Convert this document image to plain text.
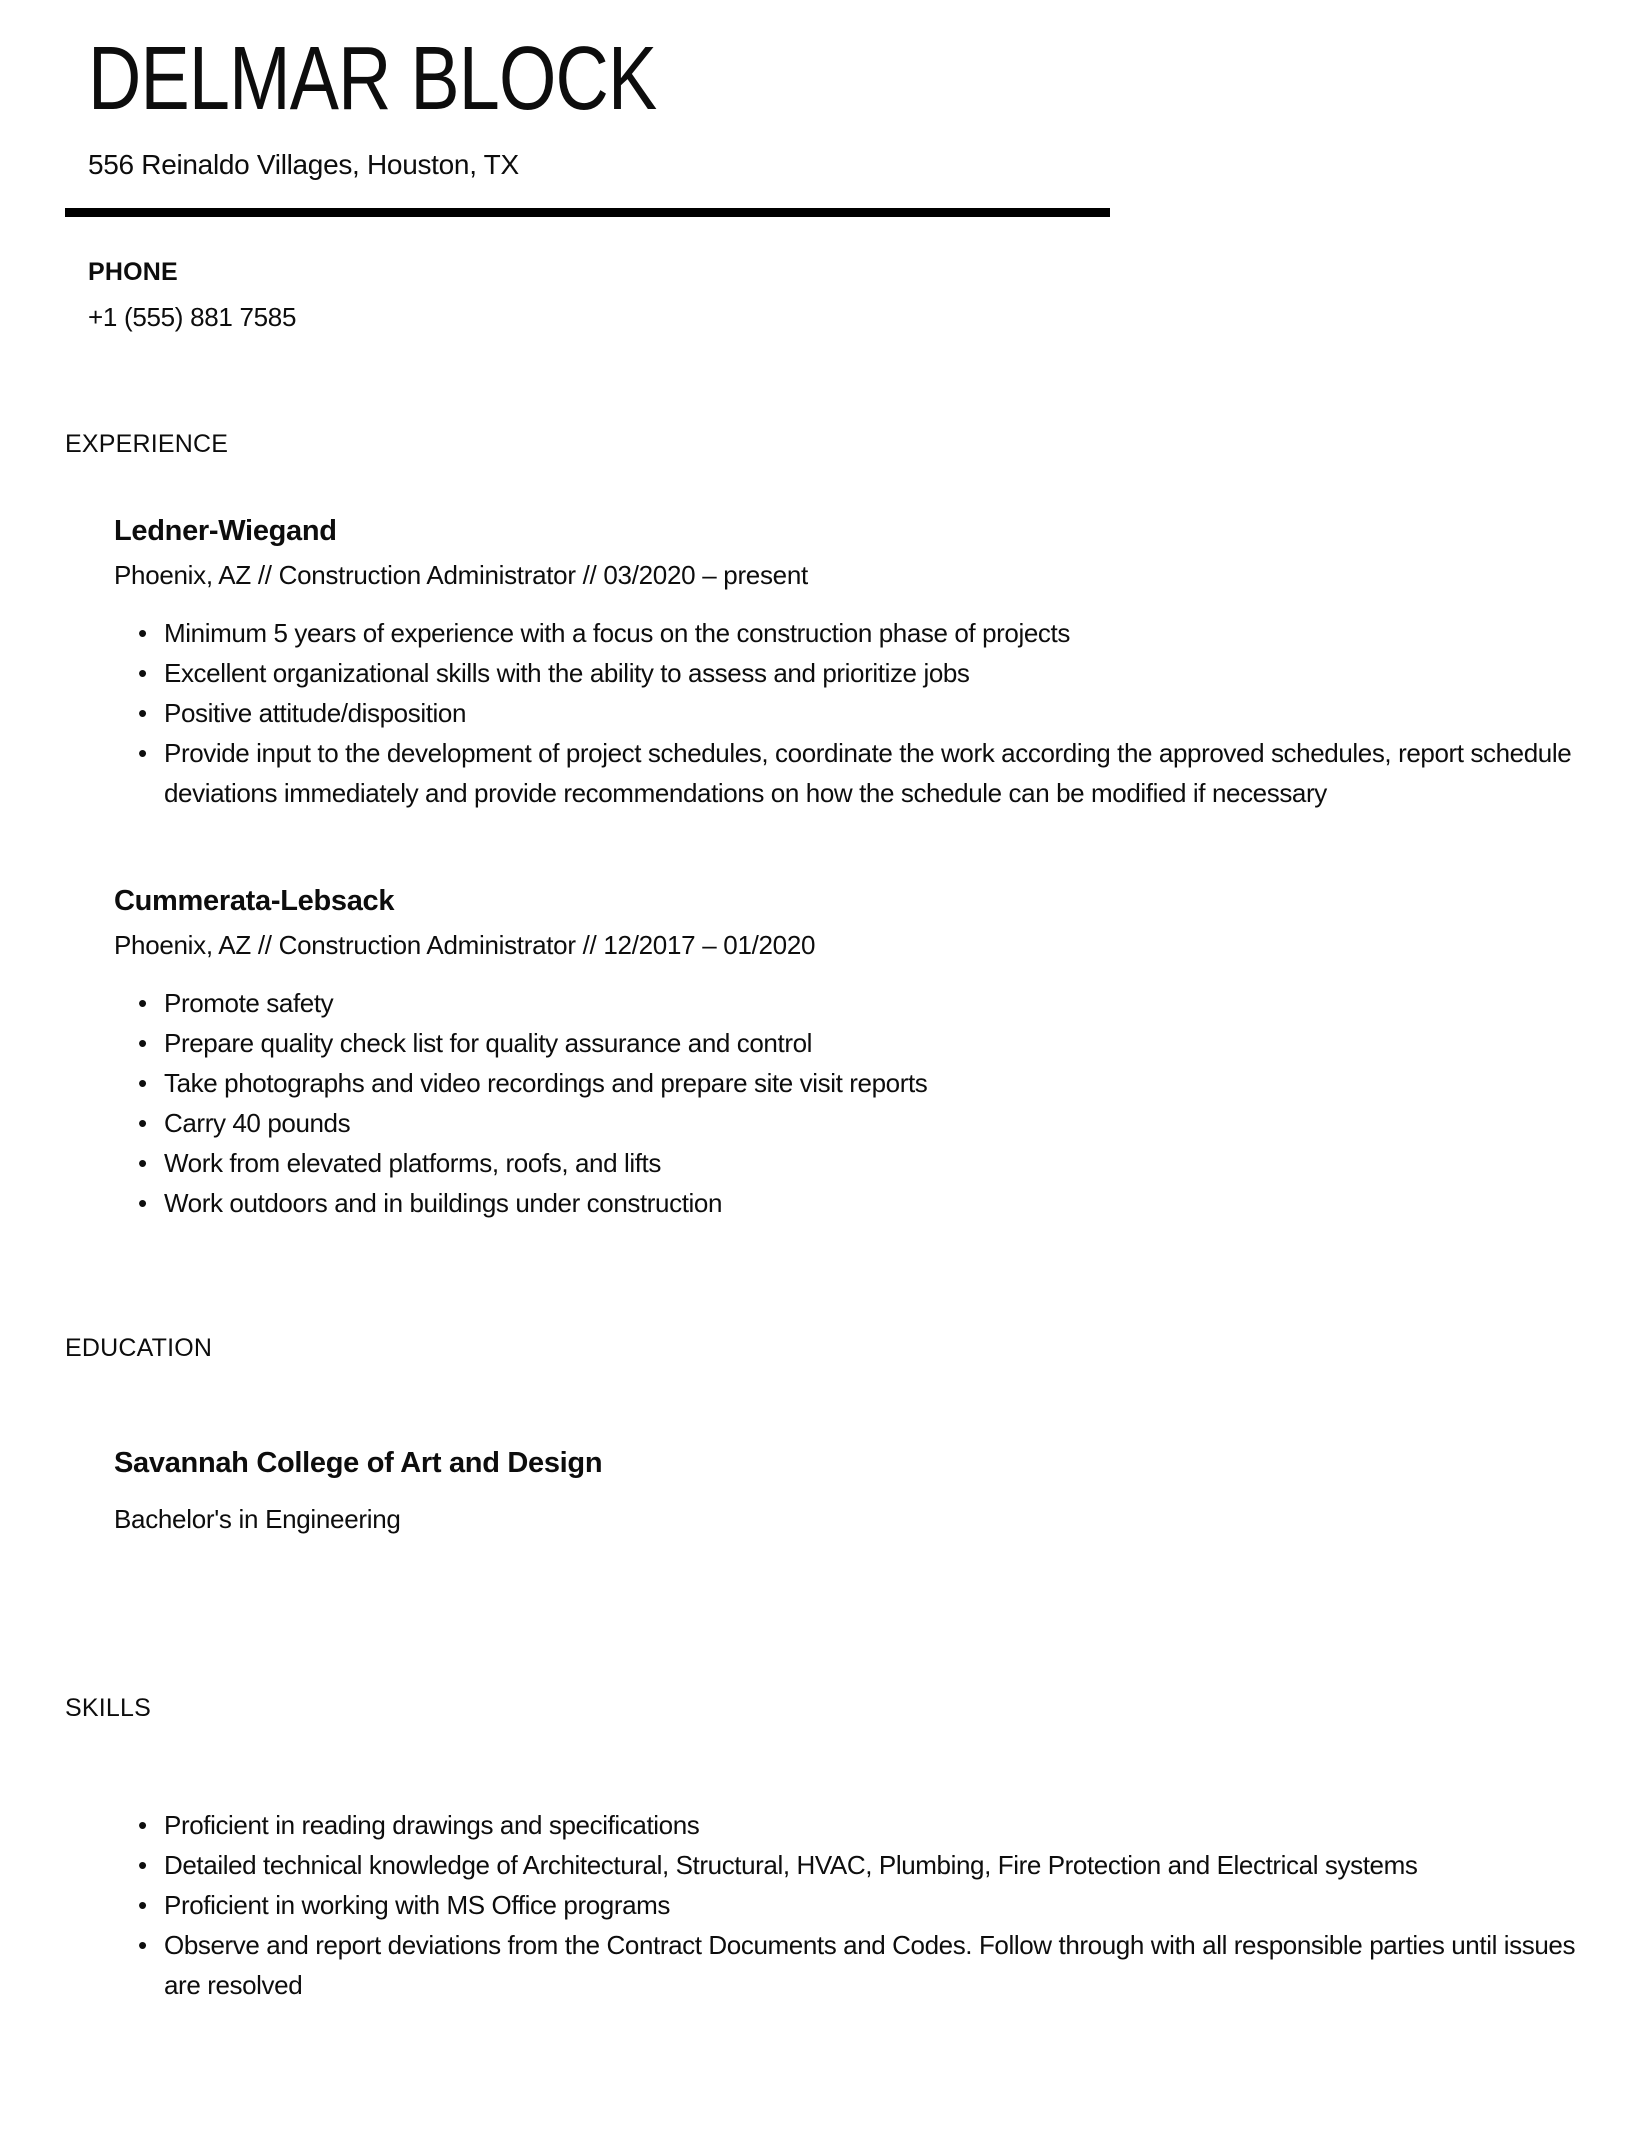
DELMAR BLOCK
556 Reinaldo Villages, Houston, TX
PHONE
+1 (555) 881 7585
EXPERIENCE
Ledner-Wiegand
Phoenix, AZ // Construction Administrator // 03/2020 – present
• Minimum 5 years of experience with a focus on the construction phase of projects
• Excellent organizational skills with the ability to assess and prioritize jobs
• Positive attitude/disposition
• Provide input to the development of project schedules, coordinate the work according the approved schedules, report schedule deviations immediately and provide recommendations on how the schedule can be modified if necessary
Cummerata-Lebsack
Phoenix, AZ // Construction Administrator // 12/2017 – 01/2020
• Promote safety
• Prepare quality check list for quality assurance and control
• Take photographs and video recordings and prepare site visit reports
• Carry 40 pounds
• Work from elevated platforms, roofs, and lifts
• Work outdoors and in buildings under construction
EDUCATION
Savannah College of Art and Design
Bachelor's in Engineering
SKILLS
• Proficient in reading drawings and specifications
• Detailed technical knowledge of Architectural, Structural, HVAC, Plumbing, Fire Protection and Electrical systems
• Proficient in working with MS Office programs
• Observe and report deviations from the Contract Documents and Codes. Follow through with all responsible parties until issues are resolved
